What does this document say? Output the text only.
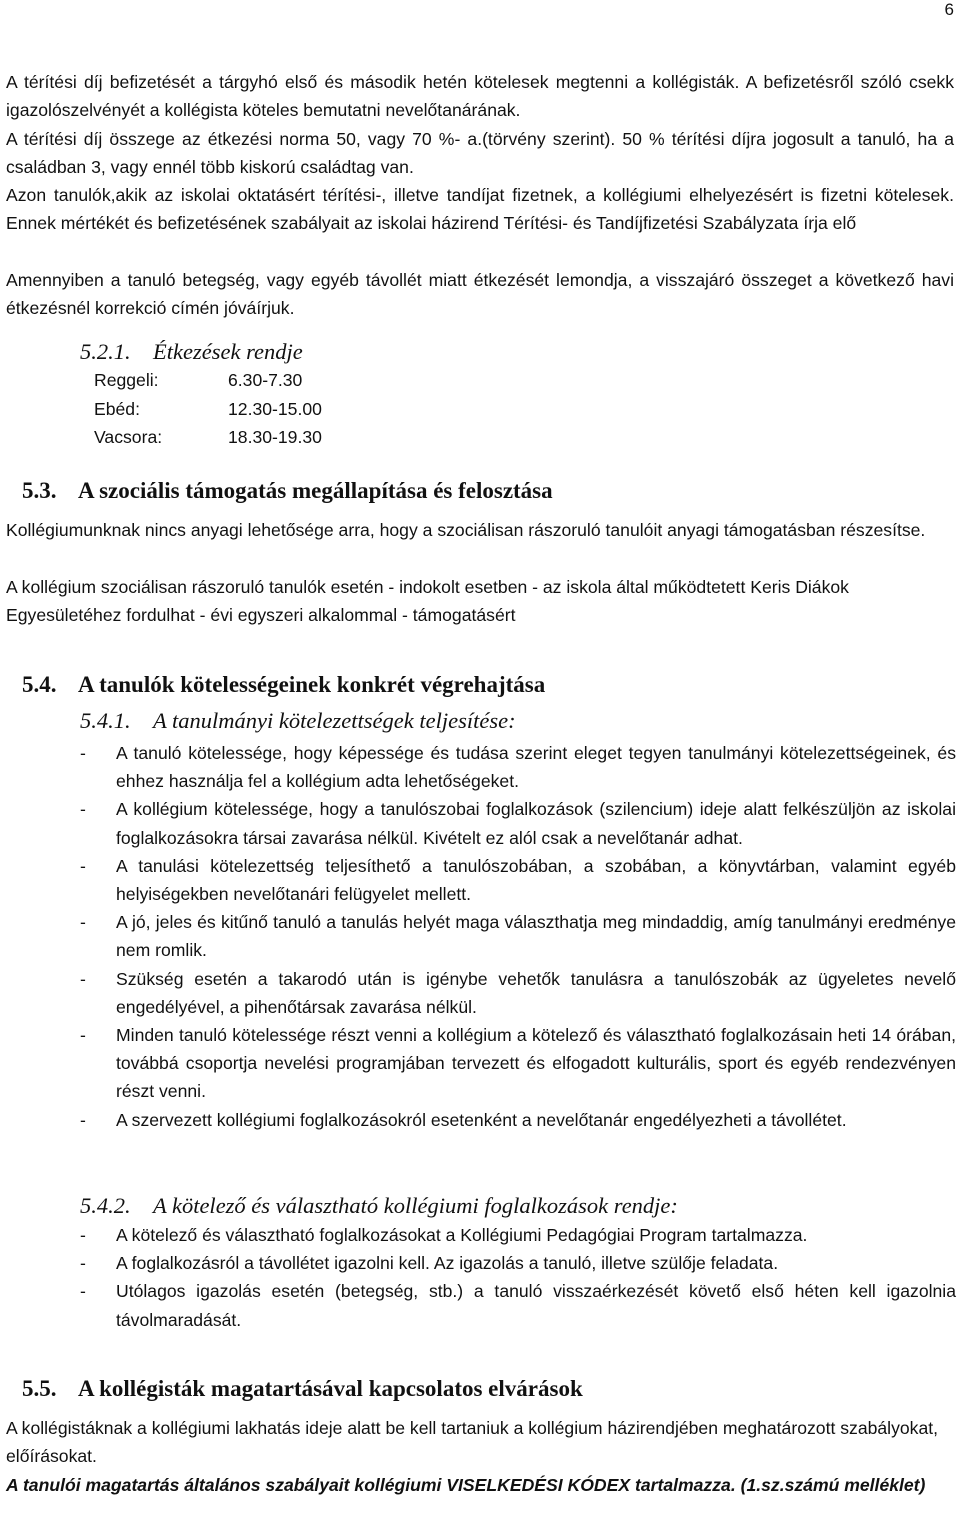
6
A térítési díj befizetését a tárgyhó első és második hetén kötelesek megtenni a kollégisták. A befizetésről szóló csekk igazolószelvényét a kollégista köteles bemutatni nevelőtanárának.
A térítési díj összege az étkezési norma 50, vagy 70 %- a.(törvény szerint). 50 % térítési díjra jogosult a tanuló, ha a családban 3, vagy ennél több kiskorú családtag van.
Azon tanulók,akik az iskolai oktatásért térítési-, illetve tandíjat fizetnek, a kollégiumi elhelyezésért is fizetni kötelesek. Ennek mértékét és befizetésének szabályait az iskolai házirend Térítési- és Tandíjfizetési Szabályzata írja elő
Amennyiben a tanuló betegség, vagy egyéb távollét miatt étkezését lemondja, a visszajáró összeget a következő havi étkezésnél korrekció címén jóváírjuk.
5.2.1. Étkezések rendje
Reggeli:	6.30-7.30
Ebéd:	12.30-15.00
Vacsora:	18.30-19.30
5.3. A szociális támogatás megállapítása és felosztása
Kollégiumunknak nincs anyagi lehetősége arra, hogy a szociálisan rászoruló tanulóit anyagi támogatásban részesítse.
A kollégium szociálisan rászoruló tanulók esetén - indokolt esetben - az iskola által működtetett Keris Diákok Egyesületéhez fordulhat - évi egyszeri alkalommal - támogatásért
5.4. A tanulók kötelességeinek konkrét végrehajtása
5.4.1. A tanulmányi kötelezettségek teljesítése:
- A tanuló kötelessége, hogy képessége és tudása szerint eleget tegyen tanulmányi kötelezettségeinek, és ehhez használja fel a kollégium adta lehetőségeket.
- A kollégium kötelessége, hogy a tanulószobai foglalkozások (szilencium) ideje alatt felkészüljön az iskolai foglalkozásokra társai zavarása nélkül. Kivételt ez alól csak a nevelőtanár adhat.
- A tanulási kötelezettség teljesíthető a tanulószobában, a szobában, a könyvtárban, valamint egyéb helyiségekben nevelőtanári felügyelet mellett.
- A jó, jeles és kitűnő tanuló a tanulás helyét maga választhatja meg mindaddig, amíg tanulmányi eredménye nem romlik.
- Szükség esetén a takarodó után is igénybe vehetők tanulásra a tanulószobák az ügyeletes nevelő engedélyével, a pihenőtársak zavarása nélkül.
- Minden tanuló kötelessége részt venni a kollégium a kötelező és választható foglalkozásain heti 14 órában, továbbá csoportja nevelési programjában tervezett és elfogadott kulturális, sport és egyéb rendezvényen részt venni.
- A szervezett kollégiumi foglalkozásokról esetenként a nevelőtanár engedélyezheti a távollétet.
5.4.2. A kötelező és választható kollégiumi foglalkozások rendje:
- A kötelező és választható foglalkozásokat a Kollégiumi Pedagógiai Program tartalmazza.
- A foglalkozásról a távollétet igazolni kell. Az igazolás a tanuló, illetve szülője feladata.
- Utólagos igazolás esetén (betegség, stb.) a tanuló visszaérkezését követő első héten kell igazolnia távolmaradását.
5.5. A kollégisták magatartásával kapcsolatos elvárások
A kollégistáknak a kollégiumi lakhatás ideje alatt be kell tartaniuk a kollégium házirendjében meghatározott szabályokat, előírásokat.
A tanulói magatartás általános szabályait kollégiumi VISELKEDÉSI KÓDEX tartalmazza. (1.sz.számú melléklet)
